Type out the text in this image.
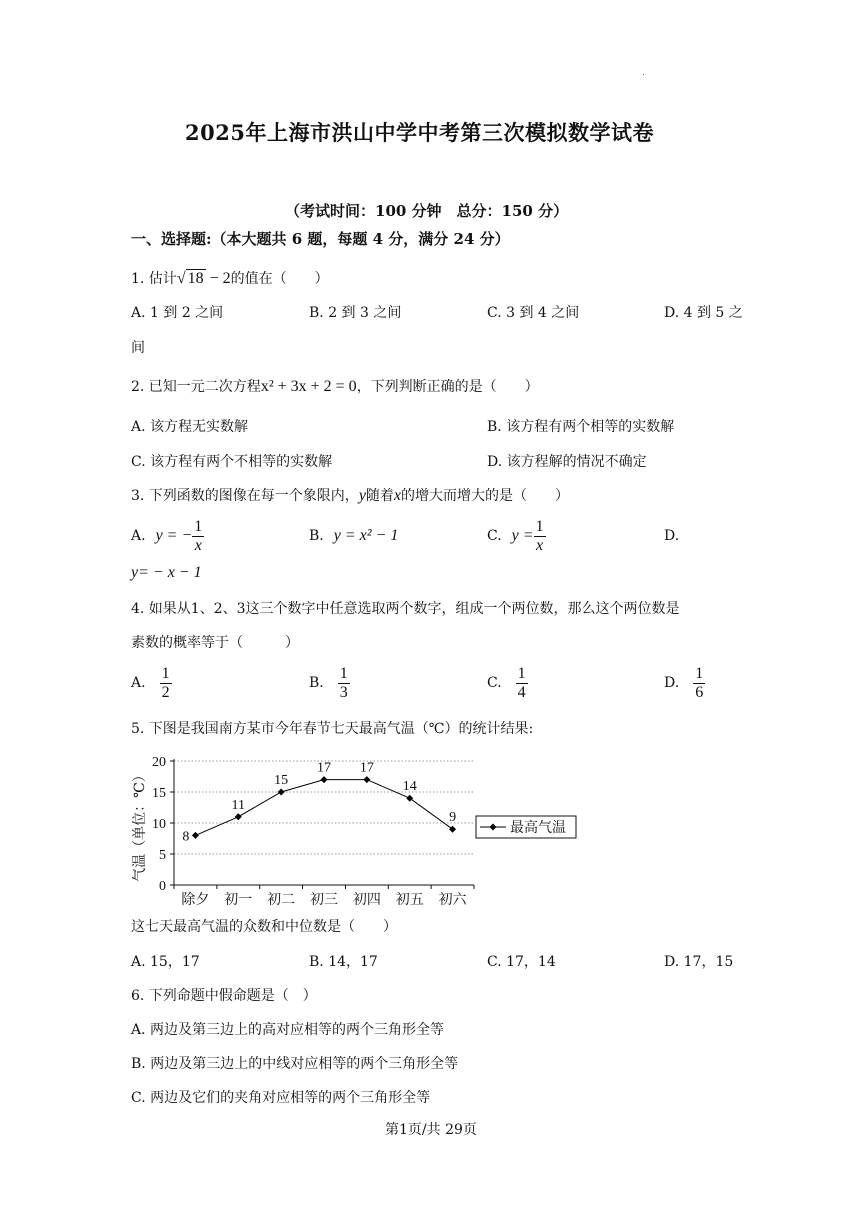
2025年上海市洪山中学中考第三次模拟数学试卷
（考试时间：100 分钟　总分：150 分）
一、选择题:（本大题共 6 题，每题 4 分，满分 24 分）
1. 估计√ 18 − 2的值在（　　）
A. 1 到 2 之间	B. 2 到 3 之间	C. 3 到 4 之间	D. 4 到 5 之
间
2. 已知一元二次方程x² + 3x + 2 = 0，下列判断正确的是（　　）
A. 该方程无实数解	B. 该方程有两个相等的实数解
C. 该方程有两个不相等的实数解	D. 该方程解的情况不确定
3. 下列函数的图像在每一个象限内，y随着x的增大而增大的是（　　）
A. y = − $\frac{1}{x}$	B. y = x² − 1	C. $y = \frac{1}{x}$	D.
y= − x − 1
4. 如果从1、2、3这三个数字中任意选取两个数字，组成一个两位数，那么这个两位数是
素数的概率等于（　　　）
A. $\frac{1}{2}$	B. $\frac{1}{3}$	C. $\frac{1}{4}$	D. $\frac{1}{6}$
5. 下图是我国南方某市今年春节七天最高气温（℃）的统计结果:
0
5
10
15
20
除夕 初一 初二 初三 初四 初五 初六
气温（单位：℃） 8
11
15
17 17
14
9
最高气温
这七天最高气温的众数和中位数是（　　）
A. 15，17	B. 14，17	C. 17，14	D. 17，15
6. 下列命题中假命题是（　）
A. 两边及第三边上的高对应相等的两个三角形全等
B. 两边及第三边上的中线对应相等的两个三角形全等
C. 两边及它们的夹角对应相等的两个三角形全等
第1页/共 29页
